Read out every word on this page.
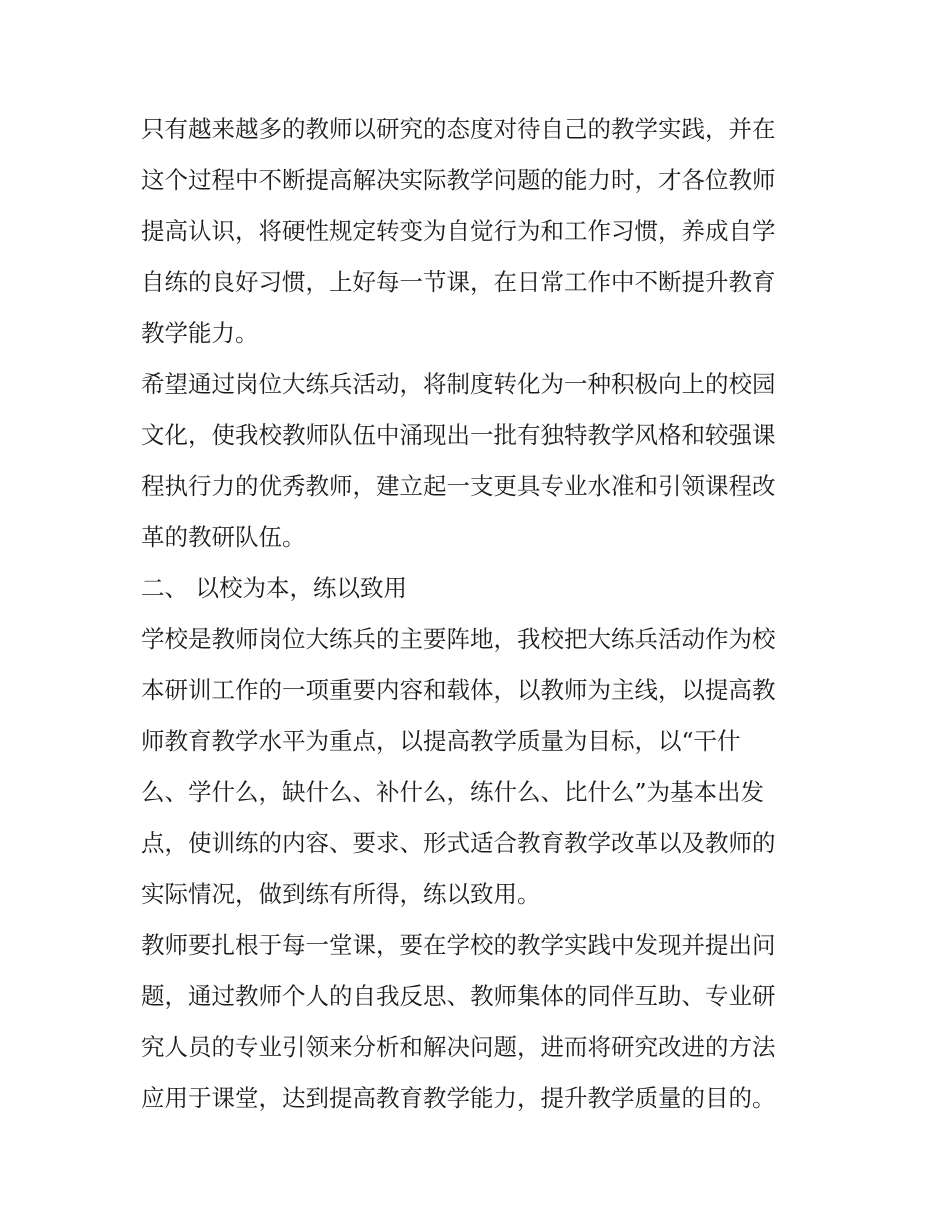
只有越来越多的教师以研究的态度对待自己的教学实践，并在
这个过程中不断提高解决实际教学问题的能力时，才各位教师
提高认识，将硬性规定转变为自觉行为和工作习惯，养成自学
自练的良好习惯，上好每一节课，在日常工作中不断提升教育
教学能力。
希望通过岗位大练兵活动，将制度转化为一种积极向上的校园
文化，使我校教师队伍中涌现出一批有独特教学风格和较强课
程执行力的优秀教师，建立起一支更具专业水准和引领课程改
革的教研队伍。
二、 以校为本，练以致用
学校是教师岗位大练兵的主要阵地，我校把大练兵活动作为校
本研训工作的一项重要内容和载体，以教师为主线，以提高教
师教育教学水平为重点，以提高教学质量为目标，以“干什
么、学什么，缺什么、补什么，练什么、比什么”为基本出发
点，使训练的内容、要求、形式适合教育教学改革以及教师的
实际情况，做到练有所得，练以致用。
教师要扎根于每一堂课，要在学校的教学实践中发现并提出问
题，通过教师个人的自我反思、教师集体的同伴互助、专业研
究人员的专业引领来分析和解决问题，进而将研究改进的方法
应用于课堂，达到提高教育教学能力，提升教学质量的目的。
